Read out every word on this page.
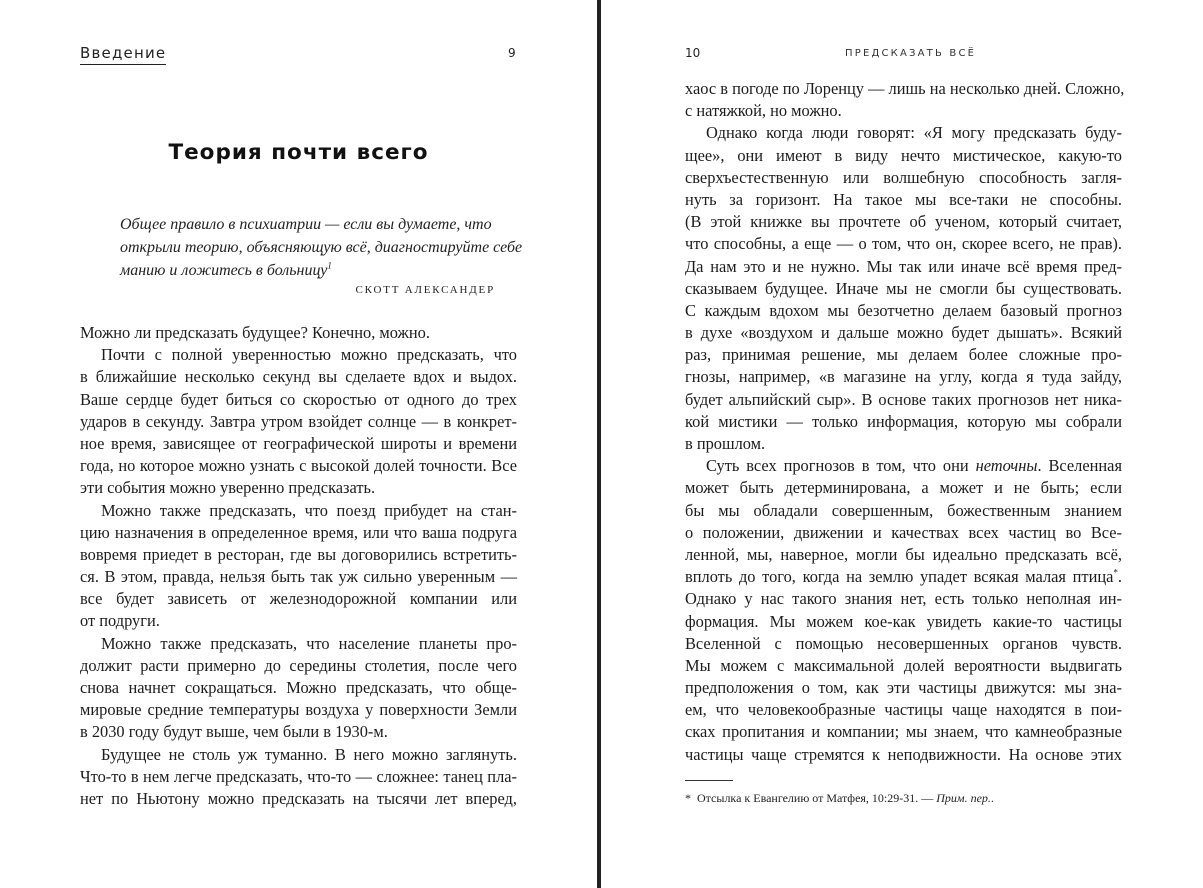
Введение	9
Теория почти всего
Общее правило в психиатрии — если вы думаете, что
открыли теорию, объясняющую всё, диагностируйте себе
манию и ложитесь в больницу$^1$
СКОТТ АЛЕКСАНДЕР
Можно ли предсказать будущее? Конечно, можно.
Почти с полной уверенностью можно предсказать, что
в ближайшие несколько секунд вы сделаете вдох и выдох.
Ваше сердце будет биться со скоростью от одного до трех
ударов в секунду. Завтра утром взойдет солнце — в конкрет-
ное время, зависящее от географической широты и времени
года, но которое можно узнать с высокой долей точности. Все
эти события можно уверенно предсказать.
Можно также предсказать, что поезд прибудет на стан-
цию назначения в определенное время, или что ваша подруга
вовремя приедет в ресторан, где вы договорились встретить-
ся. В этом, правда, нельзя быть так уж сильно уверенным —
все будет зависеть от железнодорожной компании или
от подруги.
Можно также предсказать, что население планеты про-
должит расти примерно до середины столетия, после чего
снова начнет сокращаться. Можно предсказать, что обще-
мировые средние температуры воздуха у поверхности Земли
в 2030 году будут выше, чем были в 1930-м.
Будущее не столь уж туманно. В него можно заглянуть.
Что-то в нем легче предсказать, что-то — сложнее: танец пла-
нет по Ньютону можно предсказать на тысячи лет вперед,
10	ПРЕДСКАЗАТЬ ВСЁ
хаос в погоде по Лоренцу — лишь на несколько дней. Сложно,
с натяжкой, но можно.
Однако когда люди говорят: «Я могу предсказать буду-
щее», они имеют в виду нечто мистическое, какую-то
сверхъестественную или волшебную способность загля-
нуть за горизонт. На такое мы все-таки не способны.
(В этой книжке вы прочтете об ученом, который считает,
что способны, а еще — о том, что он, скорее всего, не прав).
Да нам это и не нужно. Мы так или иначе всё время пред-
сказываем будущее. Иначе мы не смогли бы существовать.
С каждым вдохом мы безотчетно делаем базовый прогноз
в духе «воздухом и дальше можно будет дышать». Всякий
раз, принимая решение, мы делаем более сложные про-
гнозы, например, «в магазине на углу, когда я туда зайду,
будет альпийский сыр». В основе таких прогнозов нет ника-
кой мистики — только информация, которую мы собрали
в прошлом.
Суть всех прогнозов в том, что они неточны. Вселенная
может быть детерминирована, а может и не быть; если
бы мы обладали совершенным, божественным знанием
о положении, движении и качествах всех частиц во Все-
ленной, мы, наверное, могли бы идеально предсказать всё,
вплоть до того, когда на землю упадет всякая малая птица*.
Однако у нас такого знания нет, есть только неполная ин-
формация. Мы можем кое-как увидеть какие-то частицы
Вселенной с помощью несовершенных органов чувств.
Мы можем с максимальной долей вероятности выдвигать
предположения о том, как эти частицы движутся: мы зна-
ем, что человекообразные частицы чаще находятся в пои-
сках пропитания и компании; мы знаем, что камнеобразные
частицы чаще стремятся к неподвижности. На основе этих
* Отсылка к Евангелию от Матфея, 10:29-31. — Прим. пер..
